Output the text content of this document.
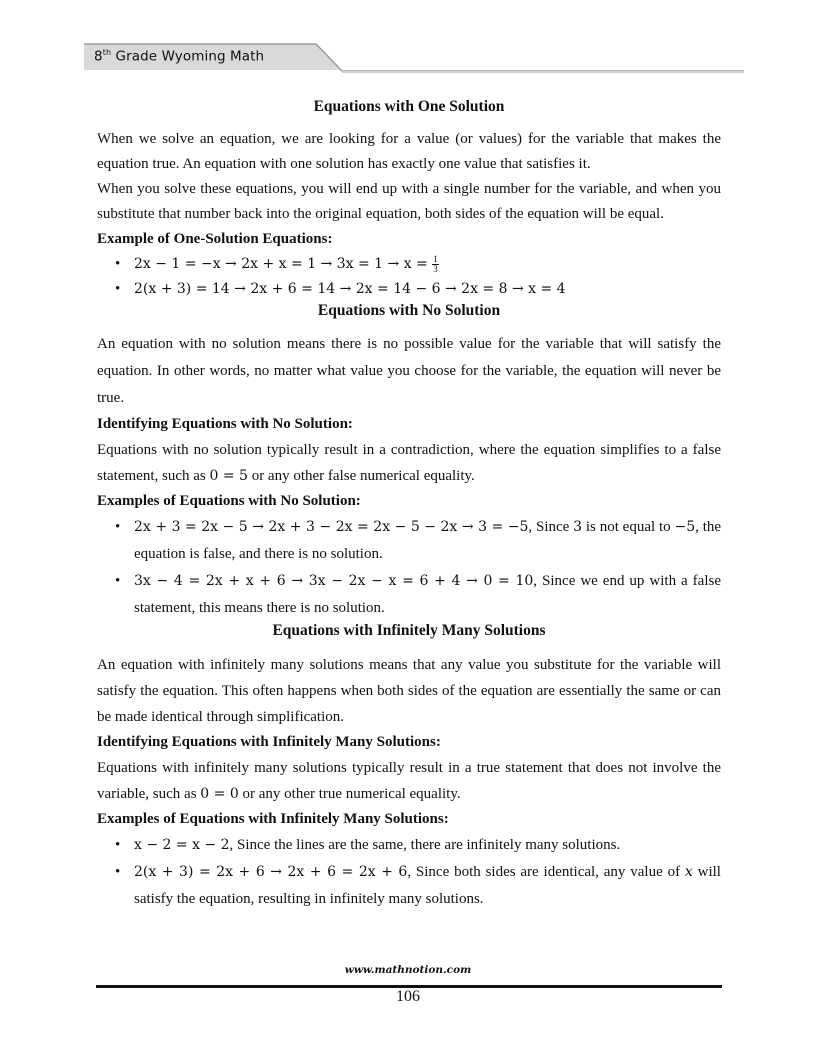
8th Grade Wyoming Math

Equations with One Solution

When we solve an equation, we are looking for a value (or values) for the variable that makes the equation true. An equation with one solution has exactly one value that satisfies it.

When you solve these equations, you will end up with a single number for the variable, and when you substitute that number back into the original equation, both sides of the equation will be equal.

Example of One-Solution Equations:

• $2x - 1 = -x \to 2x + x = 1 \to 3x = 1 \to x = \frac{1}{3}$
• 2(x + 3) = 14 → 2x + 6 = 14 → 2x = 14 − 6 → 2x = 8 → x = 4

Equations with No Solution

An equation with no solution means there is no possible value for the variable that will satisfy the equation. In other words, no matter what value you choose for the variable, the equation will never be true.

Identifying Equations with No Solution:

Equations with no solution typically result in a contradiction, where the equation simplifies to a false statement, such as 0 = 5 or any other false numerical equality.

Examples of Equations with No Solution:

• 2x + 3 = 2x − 5 → 2x + 3 − 2x = 2x − 5 − 2x → 3 = −5, Since 3 is not equal to −5, the equation is false, and there is no solution.
• 3x − 4 = 2x + x + 6 → 3x − 2x − x = 6 + 4 → 0 = 10, Since we end up with a false statement, this means there is no solution.

Equations with Infinitely Many Solutions

An equation with infinitely many solutions means that any value you substitute for the variable will satisfy the equation. This often happens when both sides of the equation are essentially the same or can be made identical through simplification.

Identifying Equations with Infinitely Many Solutions:

Equations with infinitely many solutions typically result in a true statement that does not involve the variable, such as 0 = 0 or any other true numerical equality.

Examples of Equations with Infinitely Many Solutions:

• x − 2 = x − 2, Since the lines are the same, there are infinitely many solutions.
• 2(x + 3) = 2x + 6 → 2x + 6 = 2x + 6, Since both sides are identical, any value of x will satisfy the equation, resulting in infinitely many solutions.
www.mathnotion.com
106
